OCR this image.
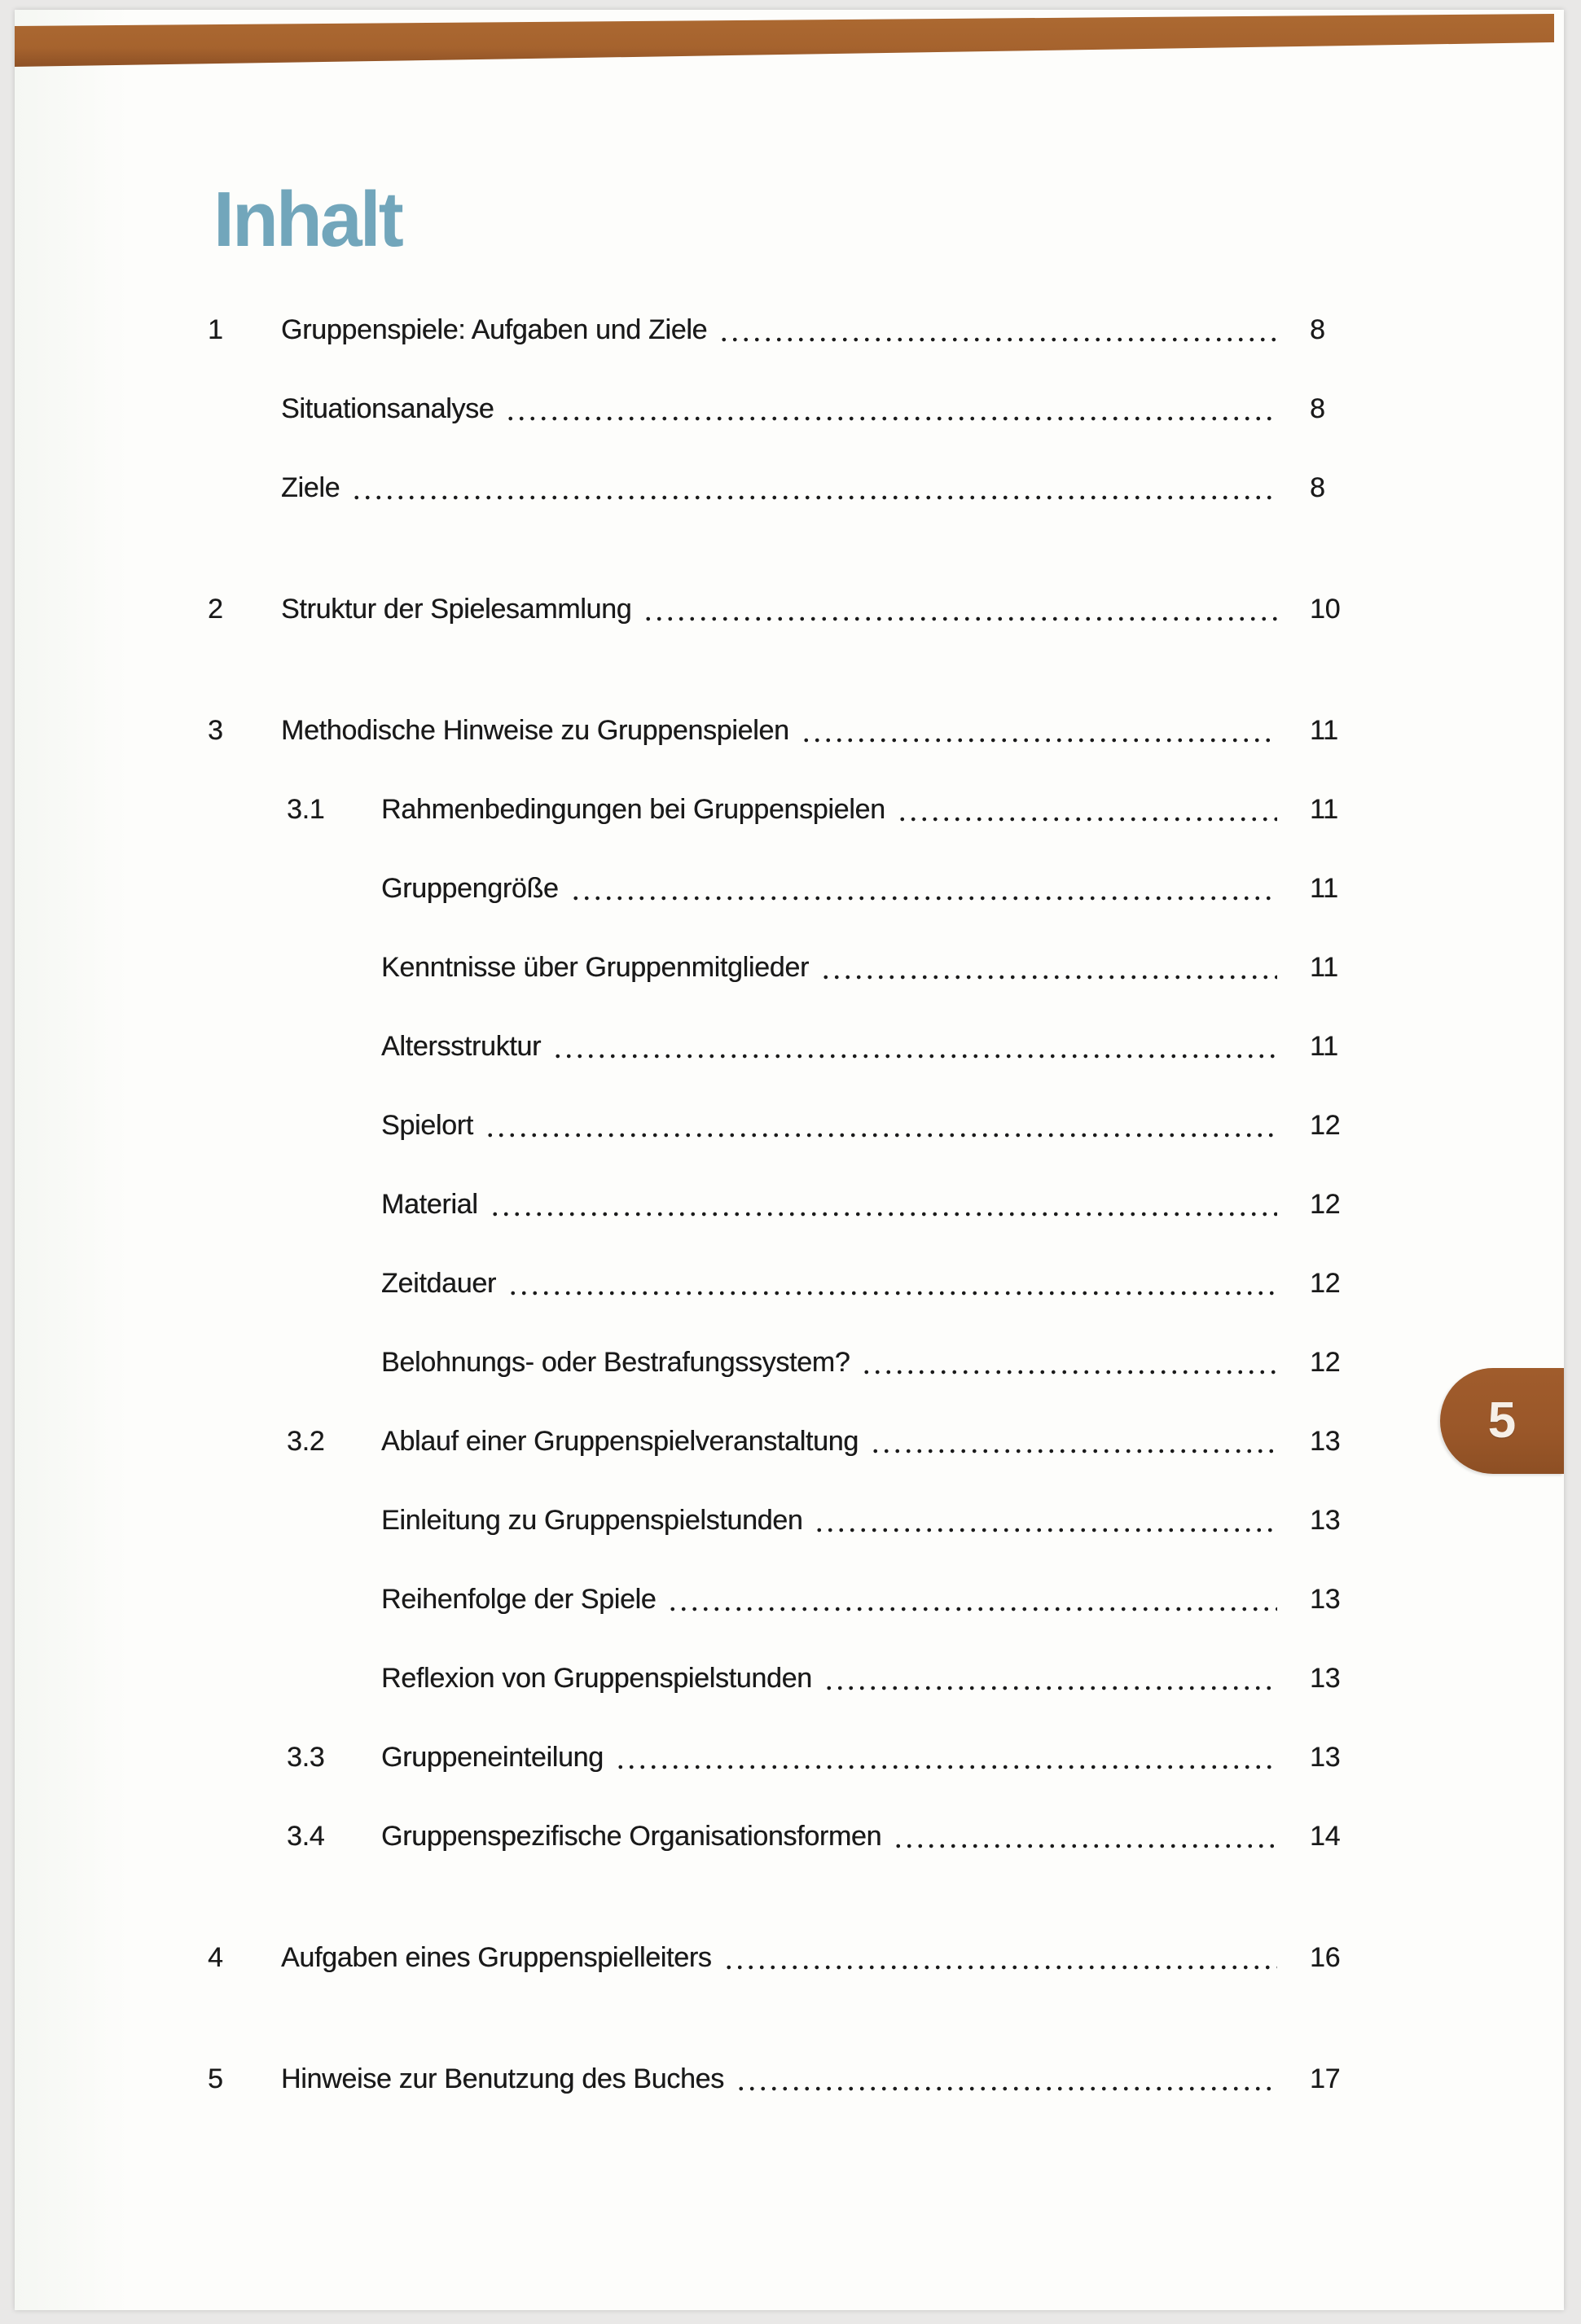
Inhalt
1	Gruppenspiele: Aufgaben und Ziele	8
Situationsanalyse	8
Ziele	8
2	Struktur der Spielesammlung	10
3	Methodische Hinweise zu Gruppenspielen	11
3.1	Rahmenbedingungen bei Gruppenspielen	11
Gruppengröße	11
Kenntnisse über Gruppenmitglieder	11
Altersstruktur	11
Spielort	12
Material	12
Zeitdauer	12
Belohnungs- oder Bestrafungssystem?	12
3.2	Ablauf einer Gruppenspielveranstaltung	13
Einleitung zu Gruppenspielstunden	13
Reihenfolge der Spiele	13
Reflexion von Gruppenspielstunden	13
3.3	Gruppeneinteilung	13
3.4	Gruppenspezifische Organisationsformen	14
4	Aufgaben eines Gruppenspielleiters	16
5	Hinweise zur Benutzung des Buches	17
5
